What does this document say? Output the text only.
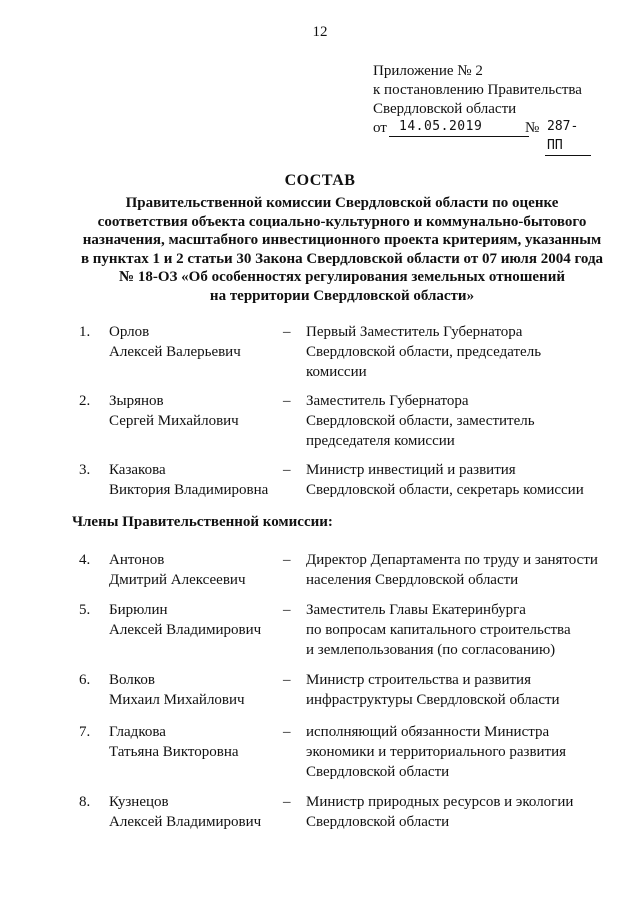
12
Приложение № 2
к постановлению Правительства
Свердловской области
от 14.05.2019	№ 287-ПП
СОСТАВ
Правительственной комиссии Свердловской области по оценке
соответствия объекта социально-культурного и коммунально-бытового
назначения, масштабного инвестиционного проекта критериям, указанным
в пунктах 1 и 2 статьи 30 Закона Свердловской области от 07 июля 2004 года
№ 18-ОЗ «Об особенностях регулирования земельных отношений
на территории Свердловской области»
1. Орлов
Алексей Валерьевич
– Первый Заместитель Губернатора
Свердловской области, председатель
комиссии
2. Зырянов
Сергей Михайлович
– Заместитель Губернатора
Свердловской области, заместитель
председателя комиссии
3. Казакова
Виктория Владимировна
– Министр инвестиций и развития
Свердловской области, секретарь комиссии
Члены Правительственной комиссии:
4. Антонов
Дмитрий Алексеевич
– Директор Департамента по труду и занятости
населения Свердловской области
5. Бирюлин
Алексей Владимирович
– Заместитель Главы Екатеринбурга
по вопросам капитального строительства
и землепользования (по согласованию)
6. Волков
Михаил Михайлович
– Министр строительства и развития
инфраструктуры Свердловской области
7. Гладкова
Татьяна Викторовна
– исполняющий обязанности Министра
экономики и территориального развития
Свердловской области
8. Кузнецов
Алексей Владимирович
– Министр природных ресурсов и экологии
Свердловской области
